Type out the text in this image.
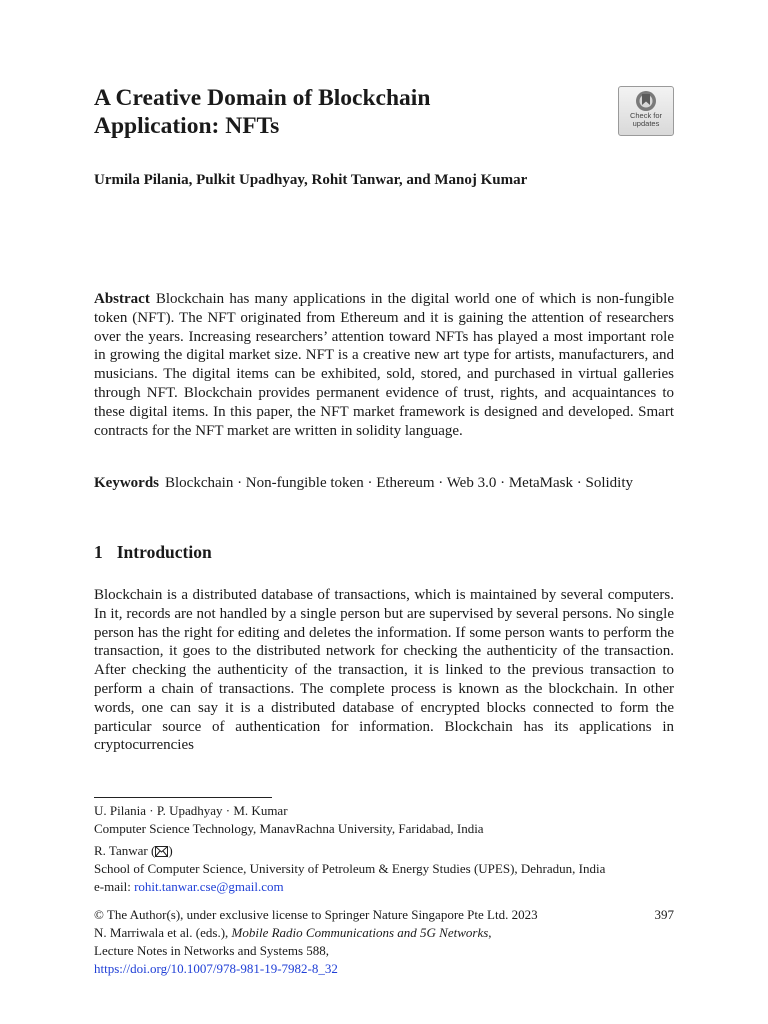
A Creative Domain of Blockchain
Application: NFTs	Check for
updates

Urmila Pilania, Pulkit Upadhyay, Rohit Tanwar, and Manoj Kumar

Abstract Blockchain has many applications in the digital world one of which is non-fungible token (NFT). The NFT originated from Ethereum and it is gaining the attention of researchers over the years. Increasing researchers’ attention toward NFTs has played a most important role in growing the digital market size. NFT is a creative new art type for artists, manufacturers, and musicians. The digital items can be exhibited, sold, stored, and purchased in virtual galleries through NFT. Blockchain provides permanent evidence of trust, rights, and acquaintances to these digital items. In this paper, the NFT market framework is designed and developed. Smart contracts for the NFT market are written in solidity language.

Keywords Blockchain · Non-fungible token · Ethereum · Web 3.0 · MetaMask · Solidity

1 Introduction

Blockchain is a distributed database of transactions, which is maintained by several computers. In it, records are not handled by a single person but are supervised by several persons. No single person has the right for editing and deletes the information. If some person wants to perform the transaction, it goes to the distributed network for checking the authenticity of the transaction. After checking the authenticity of the transaction, it is linked to the previous transaction to perform a chain of transactions. The complete process is known as the blockchain. In other words, one can say it is a distributed database of encrypted blocks connected to form the particular source of authentication for information. Blockchain has its applications in cryptocurrencies

U. Pilania · P. Upadhyay · M. Kumar
Computer Science Technology, ManavRachna University, Faridabad, India

R. Tanwar ( )
School of Computer Science, University of Petroleum & Energy Studies (UPES), Dehradun, India
e-mail: rohit.tanwar.cse@gmail.com

© The Author(s), under exclusive license to Springer Nature Singapore Pte Ltd. 2023	397
N. Marriwala et al. (eds.), Mobile Radio Communications and 5G Networks,
Lecture Notes in Networks and Systems 588,
https://doi.org/10.1007/978-981-19-7982-8_32
